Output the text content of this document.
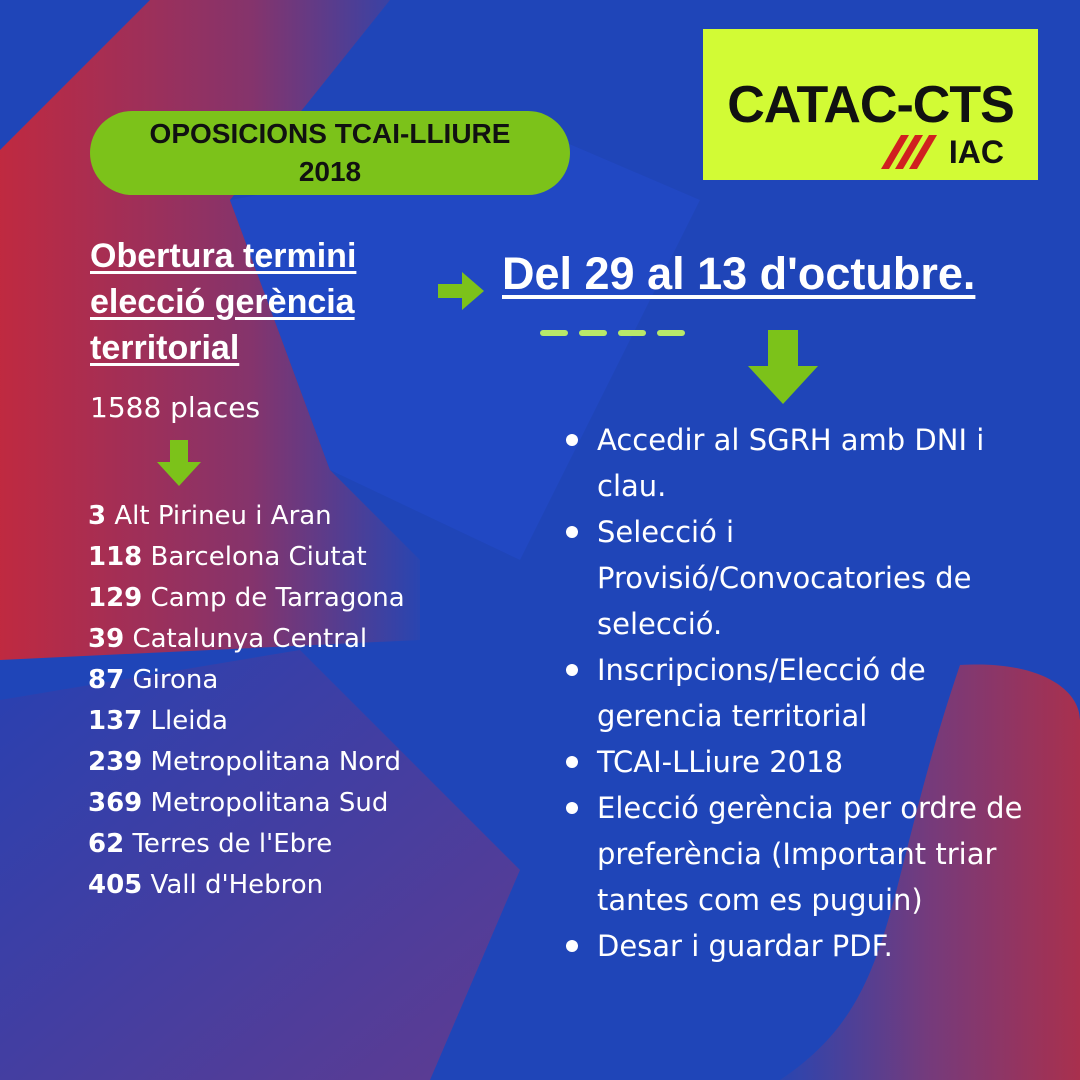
OPOSICIONS TCAI-LLIURE
2018
CATAC-CTS
IAC
Obertura termini
elecció gerència
territorial
Del 29 al 13 d'octubre.
1588 places
3 Alt Pirineu i Aran
118 Barcelona Ciutat
129 Camp de Tarragona
39 Catalunya Central
87 Girona
137 Lleida
239 Metropolitana Nord
369 Metropolitana Sud
62 Terres de l'Ebre
405 Vall d'Hebron
Accedir al SGRH amb DNI i clau.
Selecció i Provisió/Convocatories de selecció.
Inscripcions/Elecció de gerencia territorial
TCAI-LLiure 2018
Elecció gerència per ordre de preferència (Important triar tantes com es puguin)
Desar i guardar PDF.
